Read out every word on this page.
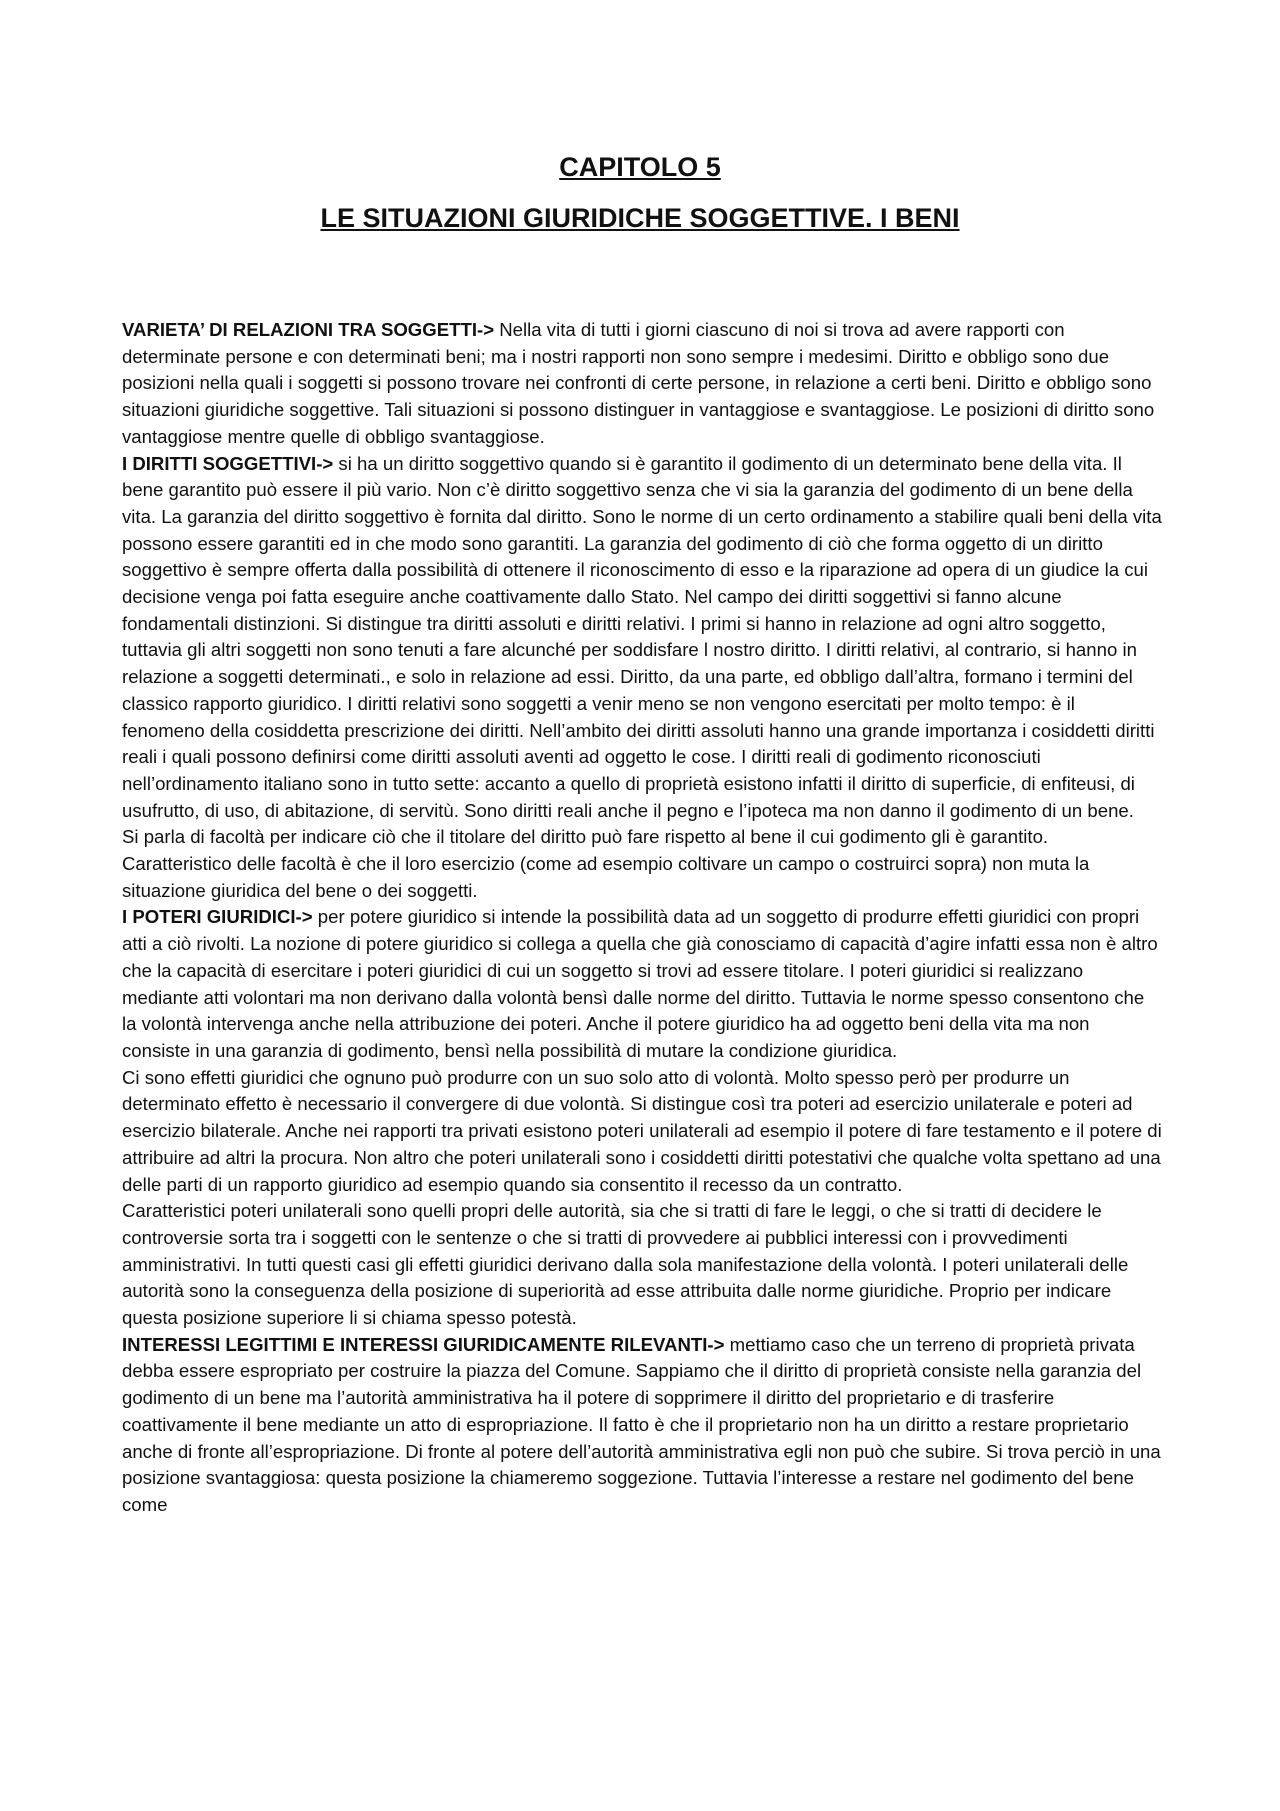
CAPITOLO 5
LE SITUAZIONI GIURIDICHE SOGGETTIVE. I BENI

VARIETA’ DI RELAZIONI TRA SOGGETTI-> Nella vita di tutti i giorni ciascuno di noi si trova ad avere rapporti con determinate persone e con determinati beni; ma i nostri rapporti non sono sempre i medesimi. Diritto e obbligo sono due posizioni nella quali i soggetti si possono trovare nei confronti di certe persone, in relazione a certi beni. Diritto e obbligo sono situazioni giuridiche soggettive. Tali situazioni si possono distinguer in vantaggiose e svantaggiose. Le posizioni di diritto sono vantaggiose mentre quelle di obbligo svantaggiose.

I DIRITTI SOGGETTIVI-> si ha un diritto soggettivo quando si è garantito il godimento di un determinato bene della vita. Il bene garantito può essere il più vario. Non c’è diritto soggettivo senza che vi sia la garanzia del godimento di un bene della vita. La garanzia del diritto soggettivo è fornita dal diritto. Sono le norme di un certo ordinamento a stabilire quali beni della vita possono essere garantiti ed in che modo sono garantiti. La garanzia del godimento di ciò che forma oggetto di un diritto soggettivo è sempre offerta dalla possibilità di ottenere il riconoscimento di esso e la riparazione ad opera di un giudice la cui decisione venga poi fatta eseguire anche coattivamente dallo Stato. Nel campo dei diritti soggettivi si fanno alcune fondamentali distinzioni. Si distingue tra diritti assoluti e diritti relativi. I primi si hanno in relazione ad ogni altro soggetto, tuttavia gli altri soggetti non sono tenuti a fare alcunché per soddisfare l nostro diritto. I diritti relativi, al contrario, si hanno in relazione a soggetti determinati., e solo in relazione ad essi. Diritto, da una parte, ed obbligo dall’altra, formano i termini del classico rapporto giuridico. I diritti relativi sono soggetti a venir meno se non vengono esercitati per molto tempo: è il fenomeno della cosiddetta prescrizione dei diritti. Nell’ambito dei diritti assoluti hanno una grande importanza i cosiddetti diritti reali i quali possono definirsi come diritti assoluti aventi ad oggetto le cose. I diritti reali di godimento riconosciuti nell’ordinamento italiano sono in tutto sette: accanto a quello di proprietà esistono infatti il diritto di superficie, di enfiteusi, di usufrutto, di uso, di abitazione, di servitù. Sono diritti reali anche il pegno e l’ipoteca ma non danno il godimento di un bene.

Si parla di facoltà per indicare ciò che il titolare del diritto può fare rispetto al bene il cui godimento gli è garantito. Caratteristico delle facoltà è che il loro esercizio (come ad esempio coltivare un campo o costruirci sopra) non muta la situazione giuridica del bene o dei soggetti.

I POTERI GIURIDICI-> per potere giuridico si intende la possibilità data ad un soggetto di produrre effetti giuridici con propri atti a ciò rivolti. La nozione di potere giuridico si collega a quella che già conosciamo di capacità d’agire infatti essa non è altro che la capacità di esercitare i poteri giuridici di cui un soggetto si trovi ad essere titolare. I poteri giuridici si realizzano mediante atti volontari ma non derivano dalla volontà bensì dalle norme del diritto. Tuttavia le norme spesso consentono che la volontà intervenga anche nella attribuzione dei poteri. Anche il potere giuridico ha ad oggetto beni della vita ma non consiste in una garanzia di godimento, bensì nella possibilità di mutare la condizione giuridica.

Ci sono effetti giuridici che ognuno può produrre con un suo solo atto di volontà. Molto spesso però per produrre un determinato effetto è necessario il convergere di due volontà. Si distingue così tra poteri ad esercizio unilaterale e poteri ad esercizio bilaterale. Anche nei rapporti tra privati esistono poteri unilaterali ad esempio il potere di fare testamento e il potere di attribuire ad altri la procura. Non altro che poteri unilaterali sono i cosiddetti diritti potestativi che qualche volta spettano ad una delle parti di un rapporto giuridico ad esempio quando sia consentito il recesso da un contratto.

Caratteristici poteri unilaterali sono quelli propri delle autorità, sia che si tratti di fare le leggi, o che si tratti di decidere le controversie sorta tra i soggetti con le sentenze o che si tratti di provvedere ai pubblici interessi con i provvedimenti amministrativi. In tutti questi casi gli effetti giuridici derivano dalla sola manifestazione della volontà. I poteri unilaterali delle autorità sono la conseguenza della posizione di superiorità ad esse attribuita dalle norme giuridiche. Proprio per indicare questa posizione superiore li si chiama spesso potestà.

INTERESSI LEGITTIMI E INTERESSI GIURIDICAMENTE RILEVANTI-> mettiamo caso che un terreno di proprietà privata debba essere espropriato per costruire la piazza del Comune. Sappiamo che il diritto di proprietà consiste nella garanzia del godimento di un bene ma l’autorità amministrativa ha il potere di sopprimere il diritto del proprietario e di trasferire coattivamente il bene mediante un atto di espropriazione. Il fatto è che il proprietario non ha un diritto a restare proprietario anche di fronte all’espropriazione. Di fronte al potere dell’autorità amministrativa egli non può che subire. Si trova perciò in una posizione svantaggiosa: questa posizione la chiameremo soggezione. Tuttavia l’interesse a restare nel godimento del bene come
